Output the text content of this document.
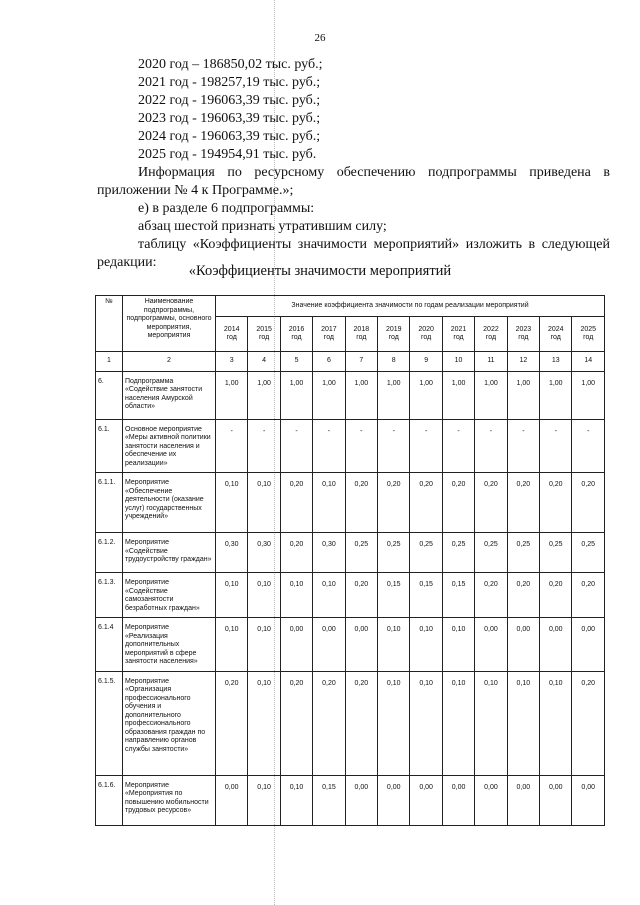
26
2020 год – 186850,02 тыс. руб.;
2021 год - 198257,19 тыс. руб.;
2022 год - 196063,39 тыс. руб.;
2023 год - 196063,39 тыс. руб.;
2024 год - 196063,39 тыс. руб.;
2025 год - 194954,91 тыс. руб.
Информация по ресурсному обеспечению подпрограммы приведена в приложении № 4 к Программе.»;
е) в разделе 6 подпрограммы:
абзац шестой признать утратившим силу;
таблицу «Коэффициенты значимости мероприятий» изложить в следующей редакции:
«Коэффициенты значимости мероприятий
№	Наименование подпрограммы, подпрограммы, основного мероприятия, мероприятия	Значение коэффициента значимости по годам реализации мероприятий											
		2014 год	2015 год	2016 год	2017 год	2018 год	2019 год	2020 год	2021 год	2022 год	2023 год	2024 год	2025 год
1	2	3	4	5	6	7	8	9	10	11	12	13	14
6.	Подпрограмма «Содействие занятости населения Амурской области»	1,00	1,00	1,00	1,00	1,00	1,00	1,00	1,00	1,00	1,00	1,00	1,00
6.1.	Основное мероприятие «Меры активной политики занятости населения и обеспечение их реализации»	-	-	-	-	-	-	-	-	-	-	-	-
6.1.1.	Мероприятие «Обеспечение деятельности (оказание услуг) государственных учреждений»	0,10	0,10	0,20	0,10	0,20	0,20	0,20	0,20	0,20	0,20	0,20	0,20
6.1.2.	Мероприятие «Содействие трудоустройству граждан»	0,30	0,30	0,20	0,30	0,25	0,25	0,25	0,25	0,25	0,25	0,25	0,25
6.1.3.	Мероприятие «Содействие самозанятости безработных граждан»	0,10	0,10	0,10	0,10	0,20	0,15	0,15	0,15	0,20	0,20	0,20	0,20
6.1.4	Мероприятие «Реализация дополнительных мероприятий в сфере занятости населения»	0,10	0,10	0,00	0,00	0,00	0,10	0,10	0,10	0,00	0,00	0,00	0,00
6.1.5.	Мероприятие «Организация профессионального обучения и дополнительного профессионального образования граждан по направлению органов службы занятости»	0,20	0,10	0,20	0,20	0,20	0,10	0,10	0,10	0,10	0,10	0,10	0,20
6.1.6.	Мероприятие «Мероприятия по повышению мобильности трудовых ресурсов»	0,00	0,10	0,10	0,15	0,00	0,00	0,00	0,00	0,00	0,00	0,00	0,00
